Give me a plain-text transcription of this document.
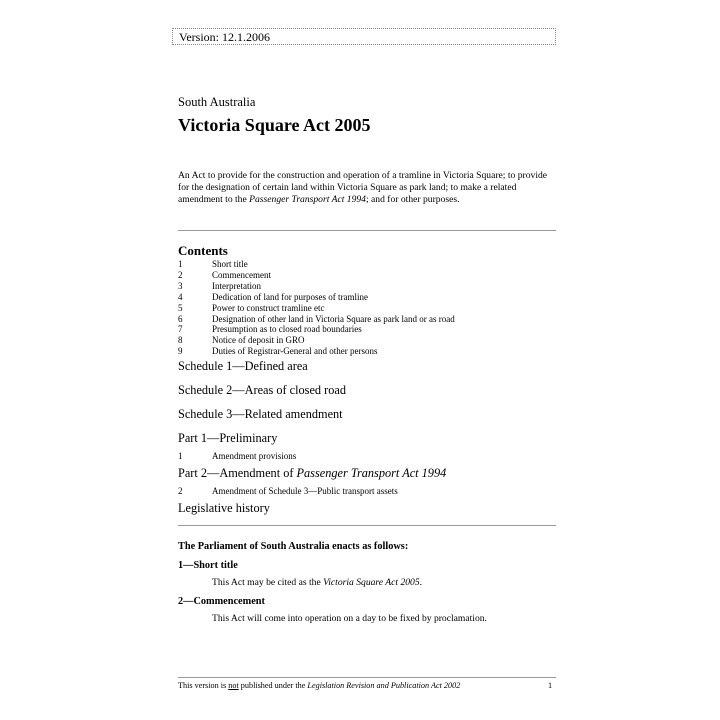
Version: 12.1.2006
South Australia
Victoria Square Act 2005
An Act to provide for the construction and operation of a tramline in Victoria Square; to provide for the designation of certain land within Victoria Square as park land; to make a related amendment to the Passenger Transport Act 1994; and for other purposes.
Contents
1	Short title
2	Commencement
3	Interpretation
4	Dedication of land for purposes of tramline
5	Power to construct tramline etc
6	Designation of other land in Victoria Square as park land or as road
7	Presumption as to closed road boundaries
8	Notice of deposit in GRO
9	Duties of Registrar-General and other persons
Schedule 1—Defined area
Schedule 2—Areas of closed road
Schedule 3—Related amendment
Part 1—Preliminary
1	Amendment provisions
Part 2—Amendment of Passenger Transport Act 1994
2	Amendment of Schedule 3—Public transport assets
Legislative history
The Parliament of South Australia enacts as follows:
1—Short title
This Act may be cited as the Victoria Square Act 2005.
2—Commencement
This Act will come into operation on a day to be fixed by proclamation.
This version is not published under the Legislation Revision and Publication Act 2002	1
